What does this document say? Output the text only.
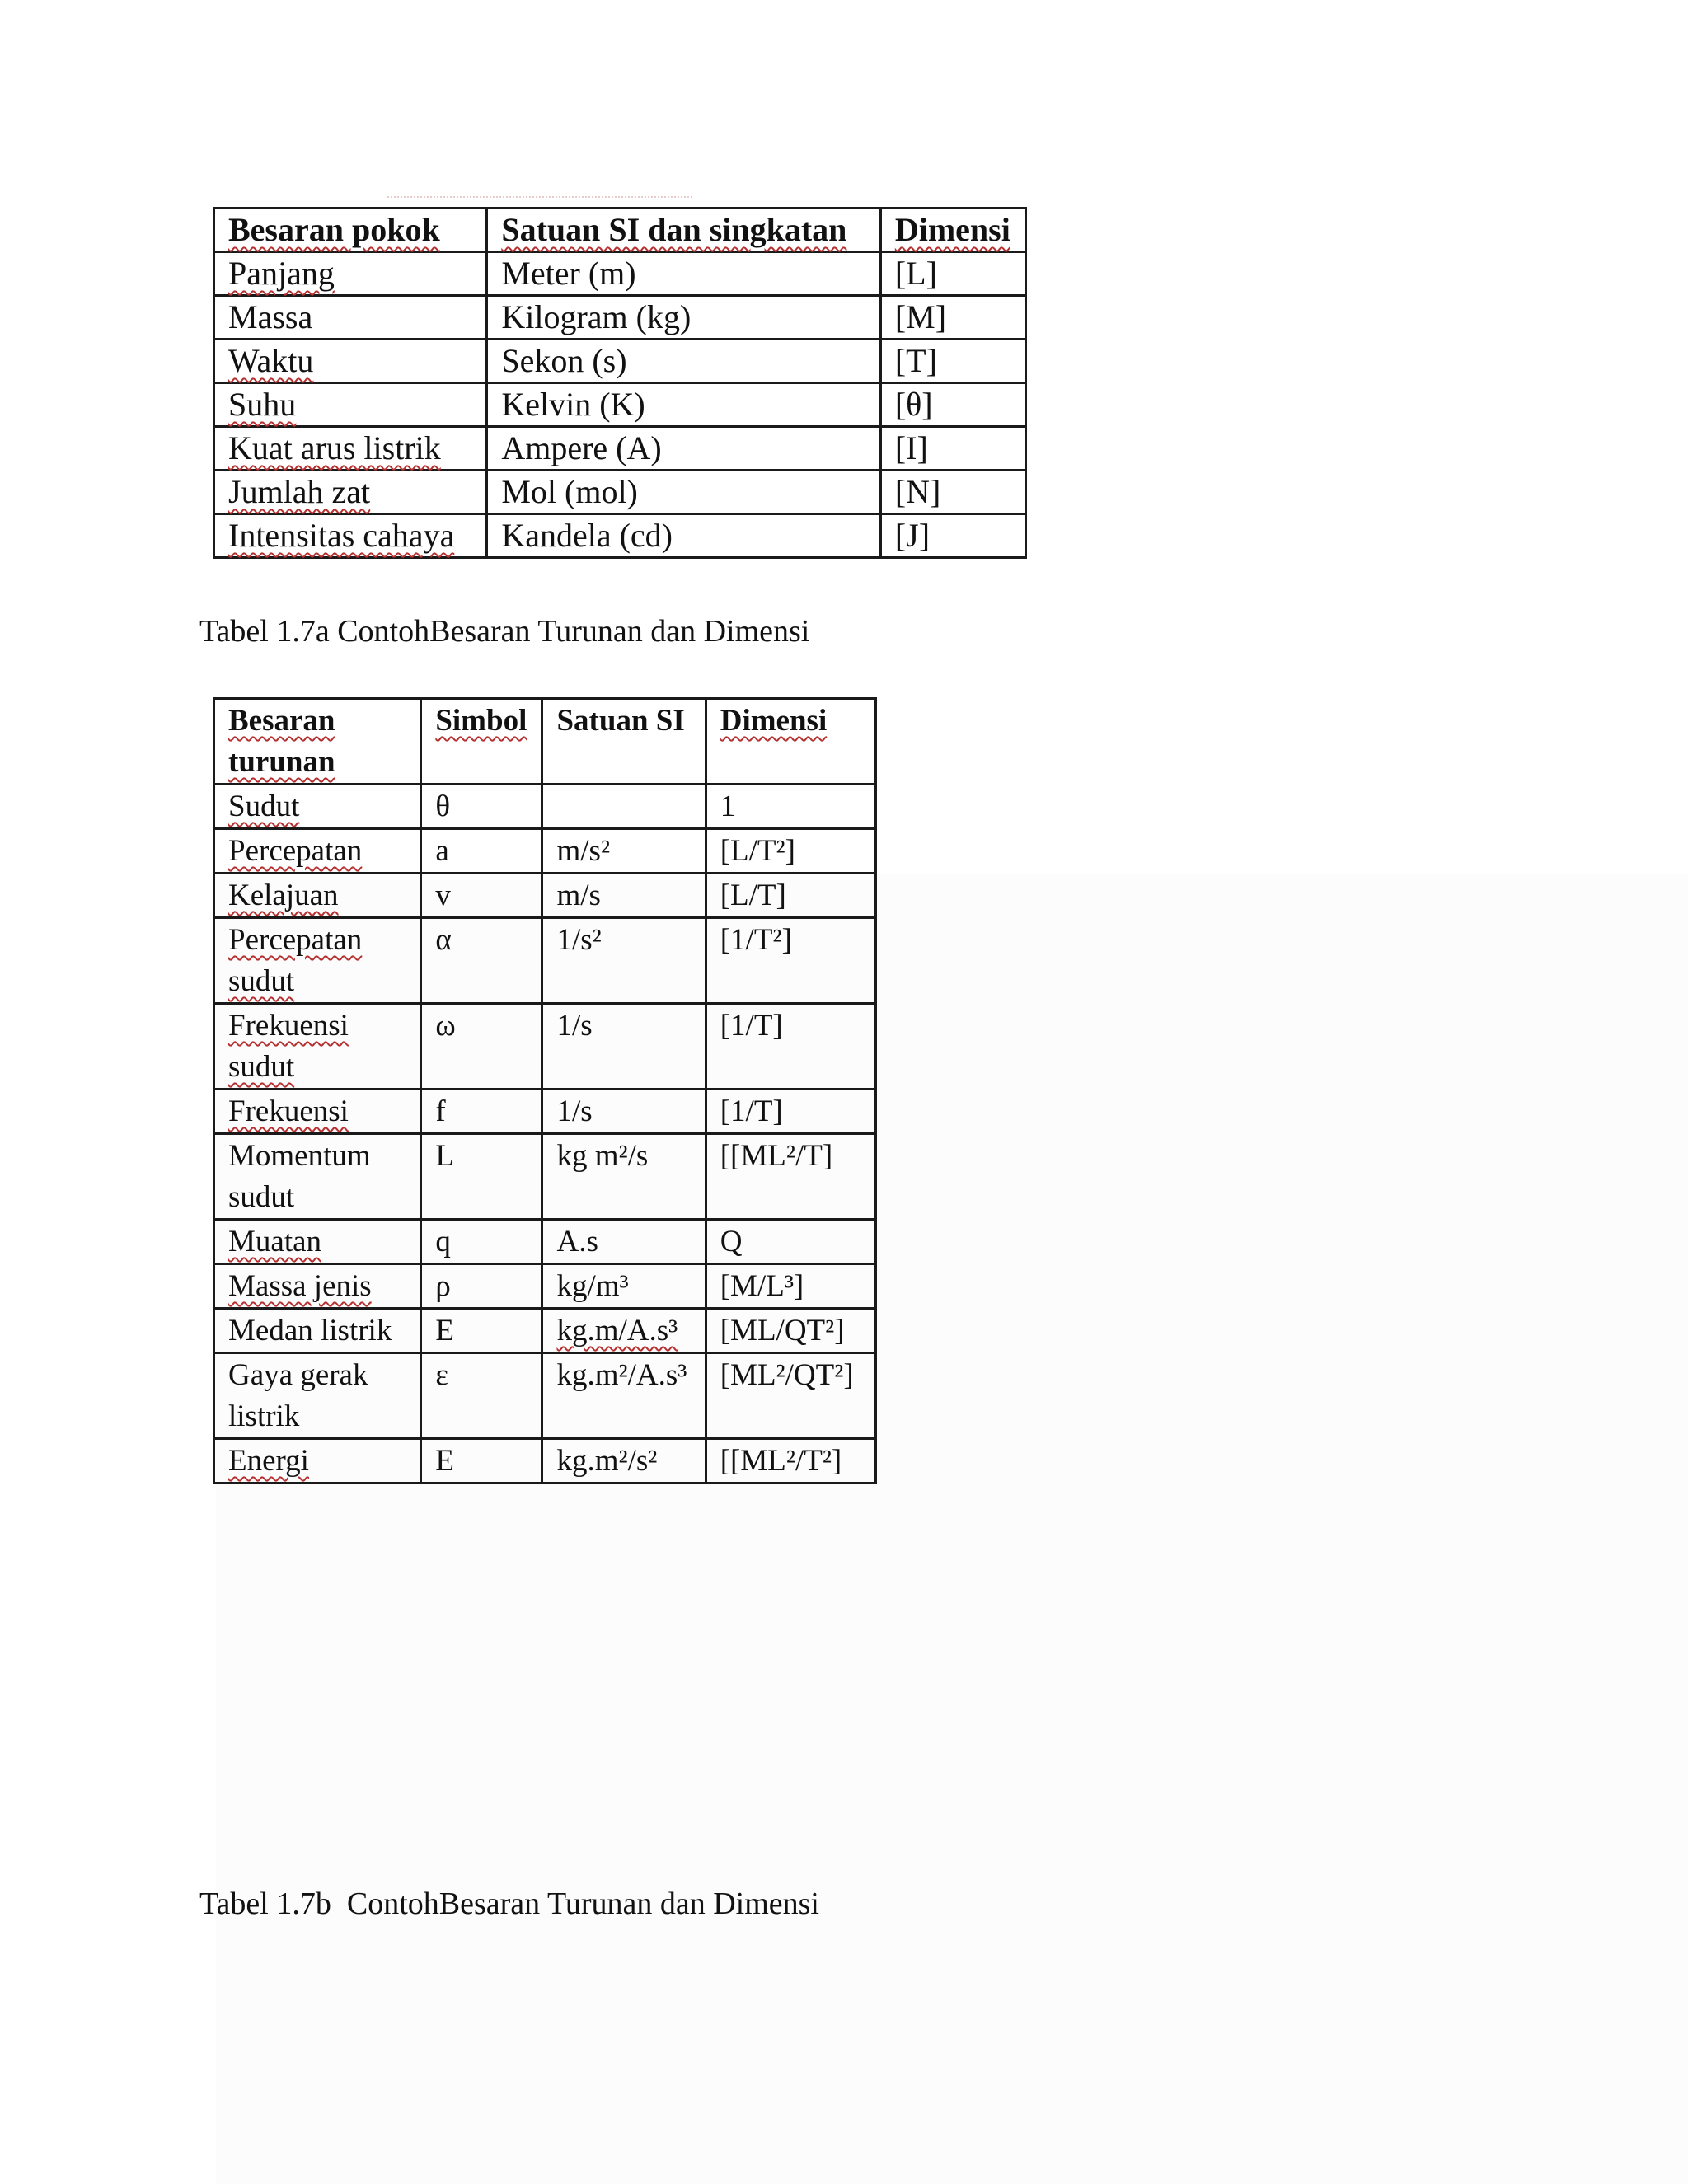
Besaran pokok	Satuan SI dan singkatan	Dimensi
Panjang	Meter (m)	[L]
Massa	Kilogram (kg)	[M]
Waktu	Sekon (s)	[T]
Suhu	Kelvin (K)	[θ]
Kuat arus listrik	Ampere (A)	[I]
Jumlah zat	Mol (mol)	[N]
Intensitas cahaya	Kandela (cd)	[J]
Tabel 1.7a ContohBesaran Turunan dan Dimensi
Besaran turunan	Simbol	Satuan SI	Dimensi
Sudut	θ		1
Percepatan	a	m/s²	[L/T²]
Kelajuan	v	m/s	[L/T]
Percepatan sudut	α	1/s²	[1/T²]
Frekuensi sudut	ω	1/s	[1/T]
Frekuensi	f	1/s	[1/T]
Momentum sudut	L	kg m²/s	[[ML²/T]
Muatan	q	A.s	Q
Massa jenis	ρ	kg/m³	[M/L³]
Medan listrik	E	kg.m/A.s³	[ML/QT²]
Gaya gerak listrik	ε	kg.m²/A.s³	[ML²/QT²]
Energi	E	kg.m²/s²	[[ML²/T²]
Tabel 1.7b  ContohBesaran Turunan dan Dimensi
